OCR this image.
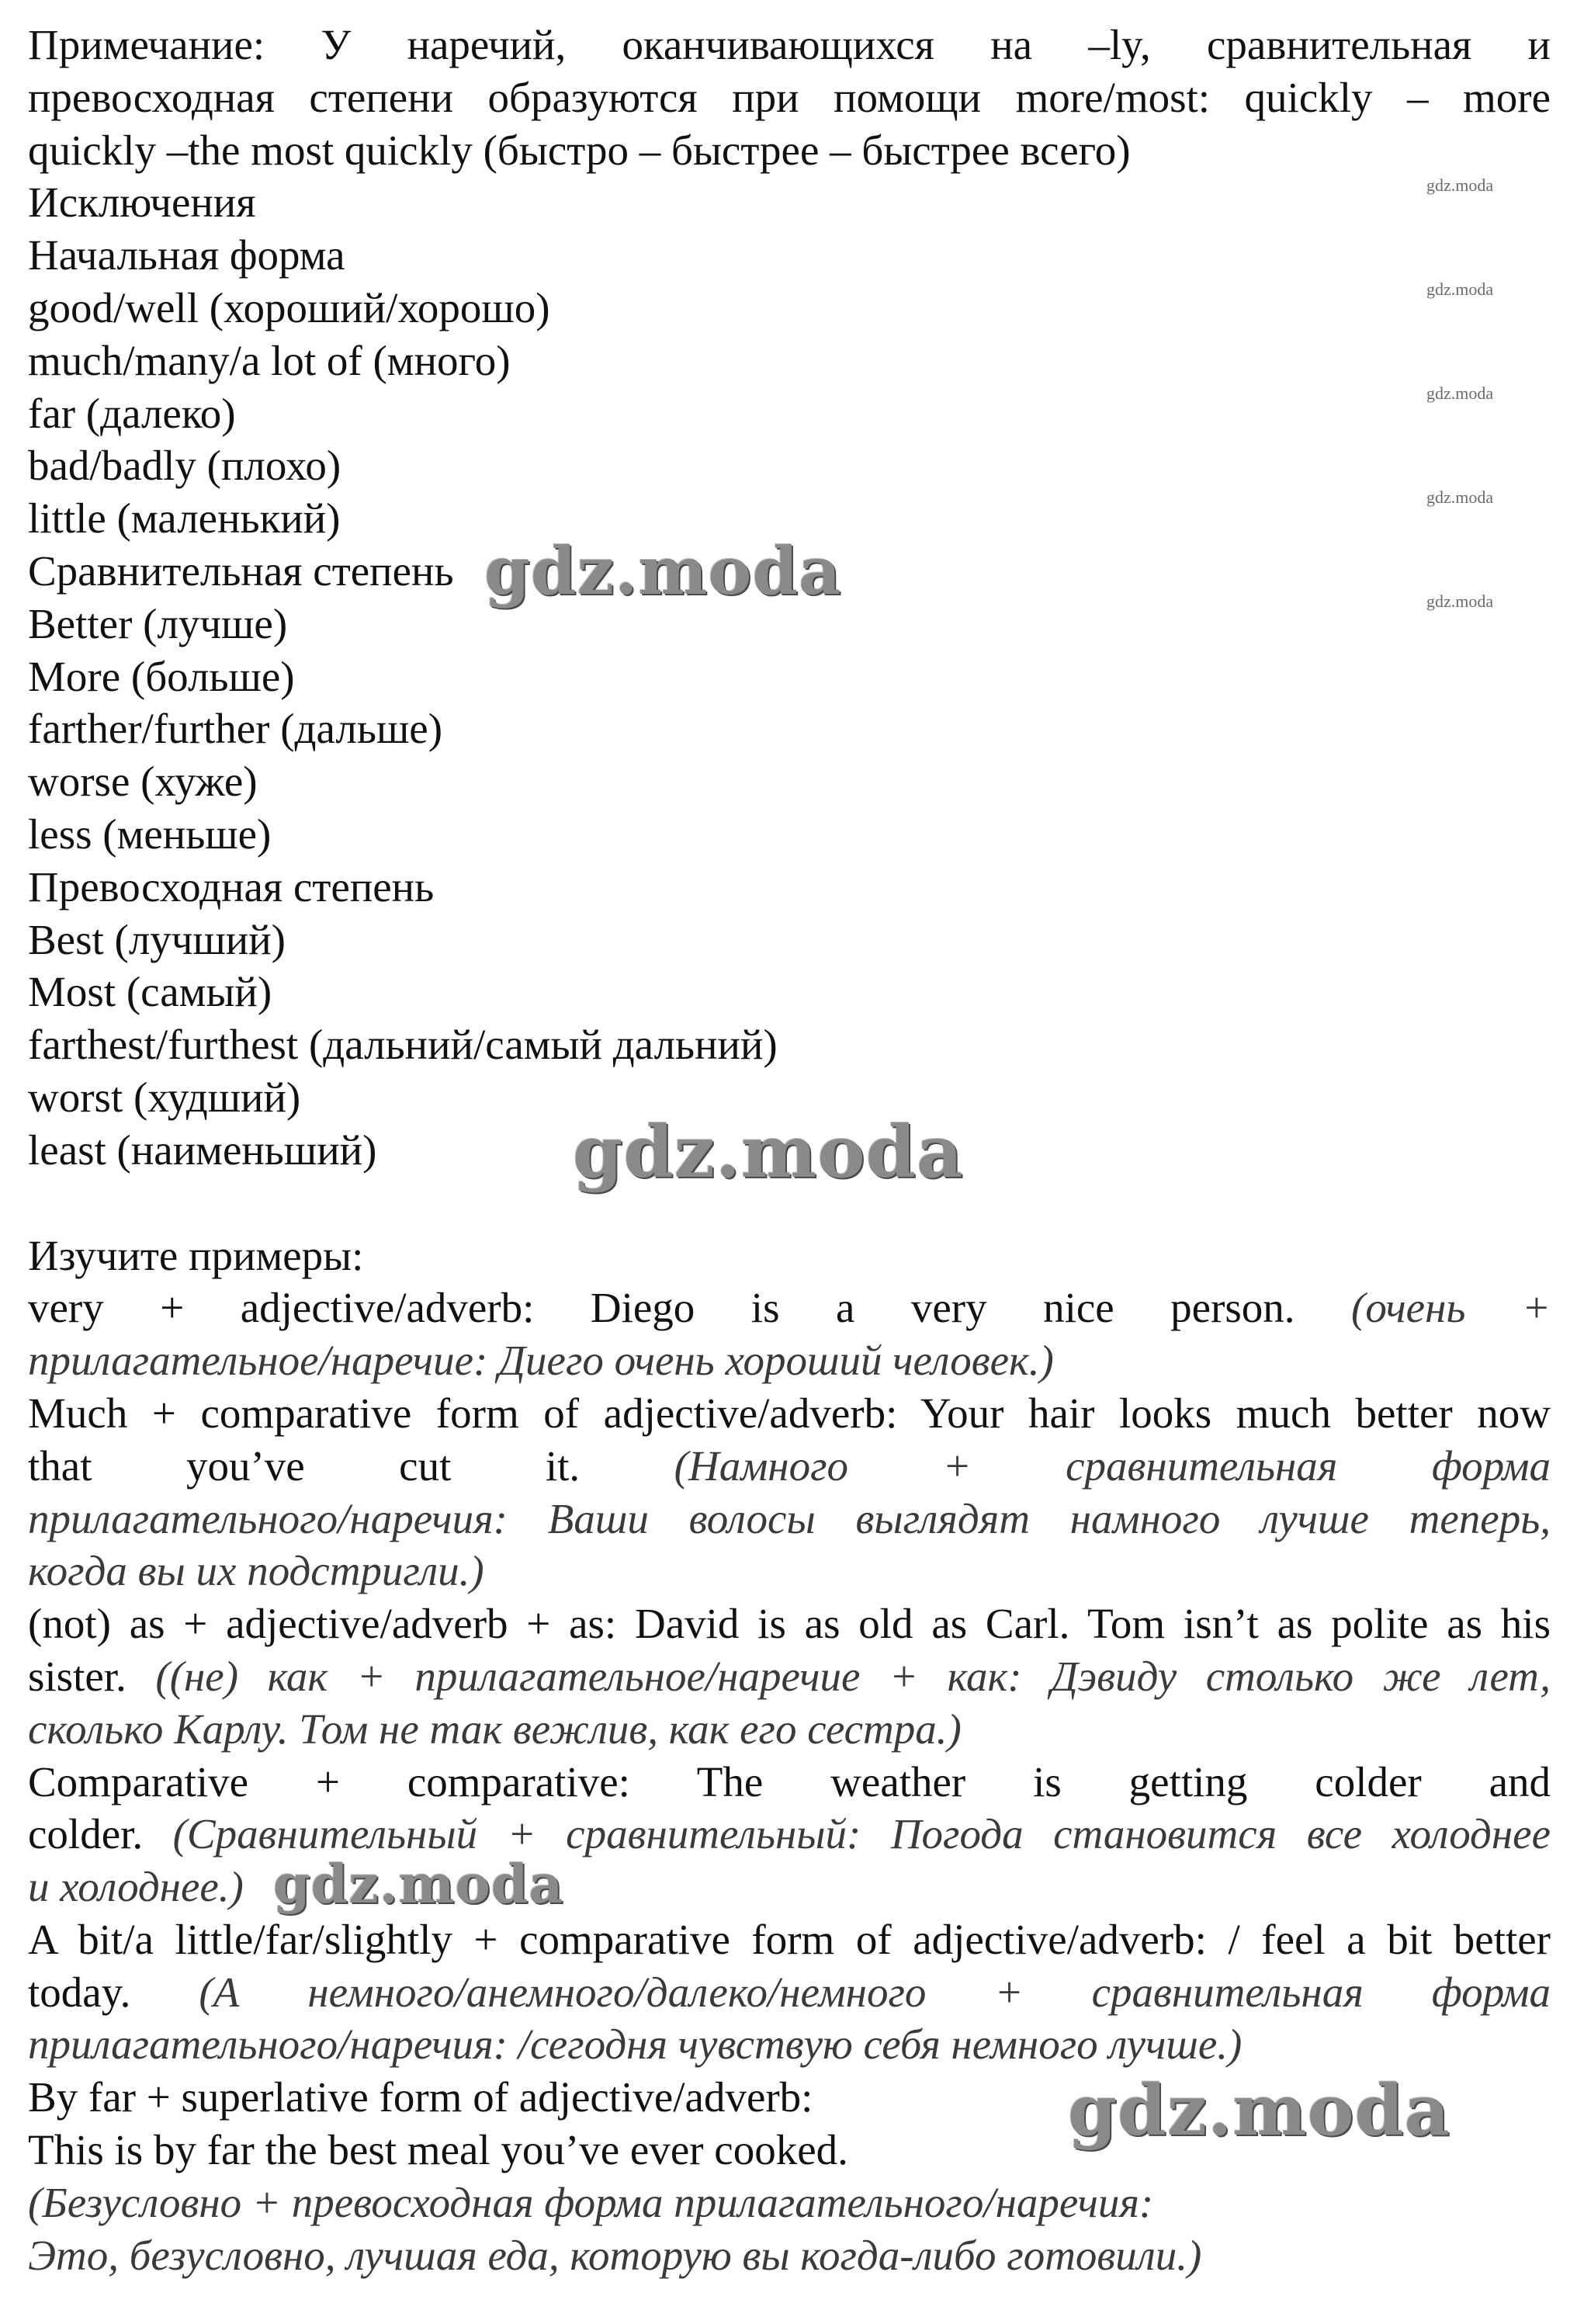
Примечание: У наречий, оканчивающихся на –ly, сравнительная и
превосходная степени образуются при помощи more/most: quickly – more
quickly –the most quickly (быстро – быстрее – быстрее всего)
Исключения
Начальная форма
good/well (хороший/хорошо)
much/many/a lot of (много)
far (далеко)
bad/badly (плохо)
little (маленький)
Сравнительная степень
Better (лучше)
More (больше)
farther/further (дальше)
worse (хуже)
less (меньше)
Превосходная степень
Best (лучший)
Most (самый)
farthest/furthest (дальний/самый дальний)
worst (худший)
least (наименьший)
Изучите примеры:
very + adjective/adverb: Diego is a very nice person. (очень +
прилагательное/наречие: Диего очень хороший человек.)
Much + comparative form of adjective/adverb: Your hair looks much better now
that you’ve cut it. (Намного + сравнительная форма
прилагательного/наречия: Ваши волосы выглядят намного лучше теперь,
когда вы их подстригли.)
(not) as + adjective/adverb + as: David is as old as Carl. Tom isn’t as polite as his
sister. ((не) как + прилагательное/наречие + как: Дэвиду столько же лет,
сколько Карлу. Том не так вежлив, как его сестра.)
Comparative + comparative: The weather is getting colder and
colder. (Сравнительный + сравнительный: Погода становится все холоднее
и холоднее.)
A bit/a little/far/slightly + comparative form of adjective/adverb: / feel a bit better
today. (А немного/анемного/далеко/немного + сравнительная форма
прилагательного/наречия: /сегодня чувствую себя немного лучше.)
By far + superlative form of adjective/adverb:
This is by far the best meal you’ve ever cooked.
(Безусловно + превосходная форма прилагательного/наречия:
Это, безусловно, лучшая еда, которую вы когда-либо готовили.)
gdz.moda
gdz.moda
gdz.moda
gdz.moda
gdz.moda
gdz.moda
gdz.moda
gdz.moda
gdz.moda
